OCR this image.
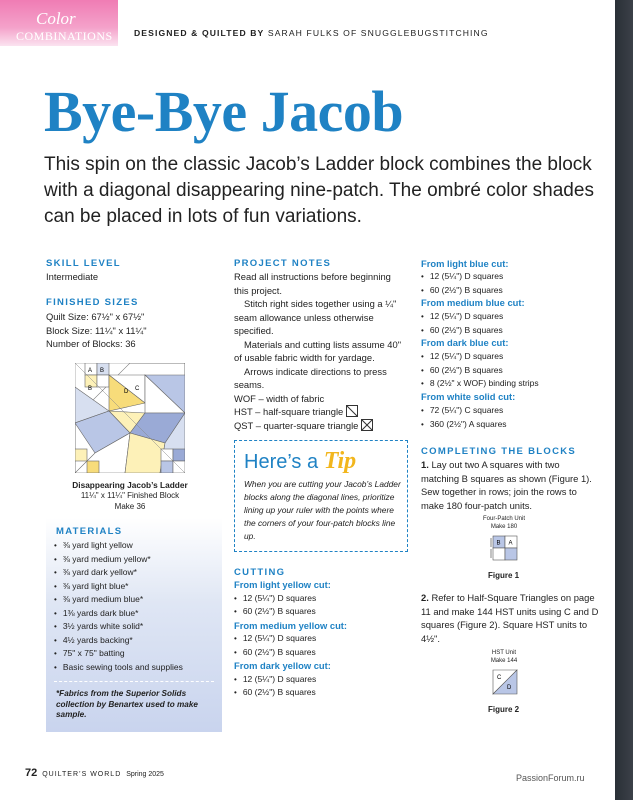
Color
COMBINATIONS DESIGNED & QUILTED BY SARAH FULKS OF SNUGGLEBUGSTITCHING
Bye-Bye Jacob
This spin on the classic Jacob’s Ladder block combines the block with a diagonal disappearing nine-patch. The ombré color shades can be placed in lots of fun variations.
SKILL LEVEL
Intermediate
FINISHED SIZES
Quilt Size: 67½" x 67½"
Block Size: 11¼" x 11¼"
Number of Blocks: 36
A B
C
B	D
Disappearing Jacob’s Ladder
11¼" x 11¼" Finished Block
Make 36
MATERIALS
• ⅜ yard light yellow
• ⅜ yard medium yellow*
• ⅜ yard dark yellow*
• ⅜ yard light blue*
• ⅜ yard medium blue*
• 1⅜ yards dark blue*
• 3½ yards white solid*
• 4½ yards backing*
• 75" x 75" batting
• Basic sewing tools and supplies
*Fabrics from the Superior Solids collection by Benartex used to make sample.
PROJECT NOTES
Read all instructions before beginning this project.
Stitch right sides together using a ¼" seam allowance unless otherwise specified.
Materials and cutting lists assume 40" of usable fabric width for yardage.
Arrows indicate directions to press seams.
WOF – width of fabric
HST – half-square triangle
QST – quarter-square triangle
Here’s a Tip
When you are cutting your Jacob’s Ladder blocks along the diagonal lines, prioritize lining up your ruler with the points where the corners of your four-patch blocks line up.
CUTTING
From light yellow cut:
• 12 (5¼") D squares
• 60 (2½") B squares
From medium yellow cut:
• 12 (5¼") D squares
• 60 (2½") B squares
From dark yellow cut:
• 12 (5¼") D squares
• 60 (2½") B squares
From light blue cut:
• 12 (5¼") D squares
• 60 (2½") B squares
From medium blue cut:
• 12 (5¼") D squares
• 60 (2½") B squares
From dark blue cut:
• 12 (5¼") D squares
• 60 (2½") B squares
• 8 (2½" x WOF) binding strips
From white solid cut:
• 72 (5¼") C squares
• 360 (2½") A squares
COMPLETING THE BLOCKS
1. Lay out two A squares with two matching B squares as shown (Figure 1). Sew together in rows; join the rows to make 180 four-patch units.
Four-Patch Unit
Make 180
B A
Figure 1
2. Refer to Half-Square Triangles on page 11 and make 144 HST units using C and D squares (Figure 2). Square HST units to 4½".
HST Unit
Make 144
C
D
Figure 2
72 QUILTER’S WORLD Spring 2025	PassionForum.ru
